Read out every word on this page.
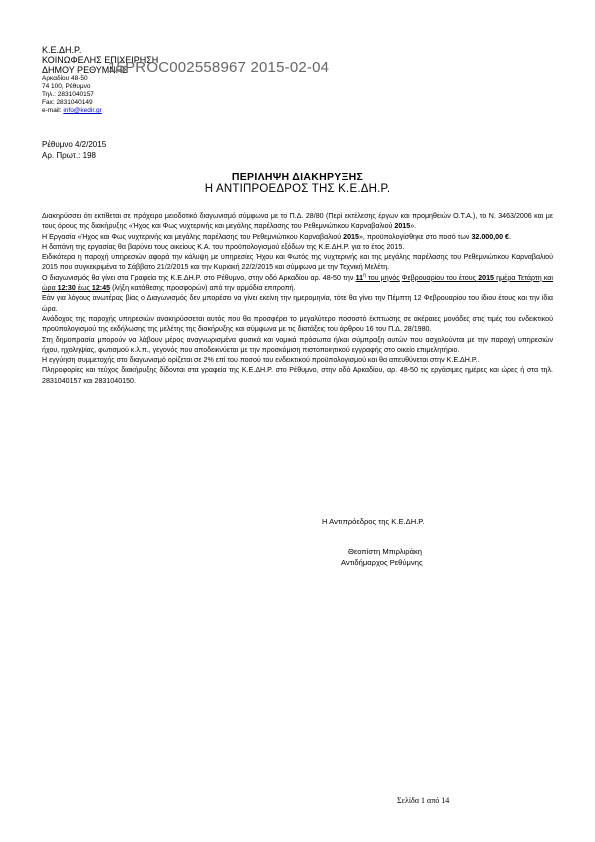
Κ.Ε.ΔΗ.Ρ.
ΚΟΙΝΩΦΕΛΗΣ ΕΠΙΧΕΙΡΗΣΗ
ΔΗΜΟΥ ΡΕΘΥΜΝΗΣ
Αρκαδίου 48-50
74 100, Ρέθυμνο
Τηλ.: 2831040157
Fax: 2831040149
e-mail: info@kedir.gr
15PROC002558967 2015-02-04
Ρέθυμνο 4/2/2015
Αρ. Πρωτ.: 198
ΠΕΡΙΛΗΨΗ ΔΙΑΚΗΡΥΞΗΣ
Η ΑΝΤΙΠΡΟΕΔΡΟΣ ΤΗΣ Κ.Ε.ΔΗ.Ρ.

Διακηρύσσει ότι εκτίθεται σε πρόχειρο μειοδοτικό διαγωνισμό σύμφωνα με το Π.Δ. 28/80 (Περί εκτέλεσης έργων και προμηθειών Ο.Τ.Α.), το Ν. 3463/2006 και με τους όρους της διακήρυξης «Ήχος και Φως νυχτερινής και μεγάλης παρέλασης του Ρεθεμνιώτικου Καρναβαλιού 2015».

Η Εργασία «Ήχος και Φως νυχτερινής και μεγάλης παρέλασης του Ρεθεμνιώτικου Καρναβαλιού 2015», προϋπολογίσθηκε στο ποσό των 32.000,00 €.

Η δαπάνη της εργασίας θα βαρύνει τους οικείους Κ.Α. του προϋπολογισμού εξόδων της Κ.Ε.ΔΗ.Ρ. για το έτος 2015.

Ειδικότερα η παροχή υπηρεσιών αφορά την κάλυψη με υπηρεσίες Ήχου και Φωτός της νυχτερινής και της μεγάλης παρέλασης του Ρεθεμνιώτικου Καρναβαλιού 2015 που συγκεκριμένα το Σάββατο 21/2/2015 και την Κυριακή 22/2/2015 και σύμφωνα με την Τεχνική Μελέτη.

Ο διαγωνισμός θα γίνει στα Γραφεία της Κ.Ε.ΔΗ.Ρ. στο Ρέθυμνο, στην οδό Αρκαδίου αρ. 48-50 την $11^\eta$ του μηνός Φεβρουαρίου του έτους 2015 ημέρα Τετάρτη και ώρα 12:30 έως 12:45 (λήξη κατάθεσης προσφορών) από την αρμόδια επιτροπή.

Εάν για λόγους ανωτέρας βίας ο Διαγωνισμός δεν μπορέσει να γίνει εκείνη την ημερομηνία, τότε θα γίνει την Πέμπτη 12 Φεβρουαρίου του ίδιου έτους και την ίδια ώρα.

Ανάδοχος της παροχής υπηρεσιών ανακηρύσσεται αυτός που θα προσφέρει το μεγαλύτερο ποσοστό έκπτωσης σε ακέραιες μονάδες στις τιμές του ενδεικτικού προϋπολογισμού της εκδήλωσης της μελέτης της διακήρυξης και σύμφωνα με τις διατάξεις του άρθρου 16 του Π.Δ. 28/1980.

Στη δημοπρασία μπορούν να λάβουν μέρος αναγνωρισμένα φυσικά και νομικά πρόσωπα ή/και σύμπραξη αυτών που ασχολούνται με την παροχή υπηρεσιών ήχου, ηχοληψίας, φωτισμού κ.λ.π., γεγονός που αποδεικνύεται με την προσκόμιση πιστοποιητικού εγγραφής στο οικείο επιμελητήριο.

Η εγγύηση συμμετοχής στο διαγωνισμό ορίζεται σε 2% επί του ποσού του ενδεικτικού προϋπολογισμού και θα απευθύνεται στην Κ.Ε.ΔΗ.Ρ..

Πληροφορίες και τεύχος διακήρυξης δίδονται στα γραφεία της Κ.Ε.ΔΗ.Ρ. στο Ρέθυμνο, στην οδό Αρκαδίου, αρ. 48-50 τις εργάσιμες ημέρες και ώρες ή στα τηλ. 2831040157 και 2831040150.

Η Αντιπρόεδρος της Κ.Ε.ΔΗ.Ρ.
Θεοπίστη Μπιρλιράκη
Αντιδήμαρχος Ρεθύμνης
Σελίδα 1 από 14
